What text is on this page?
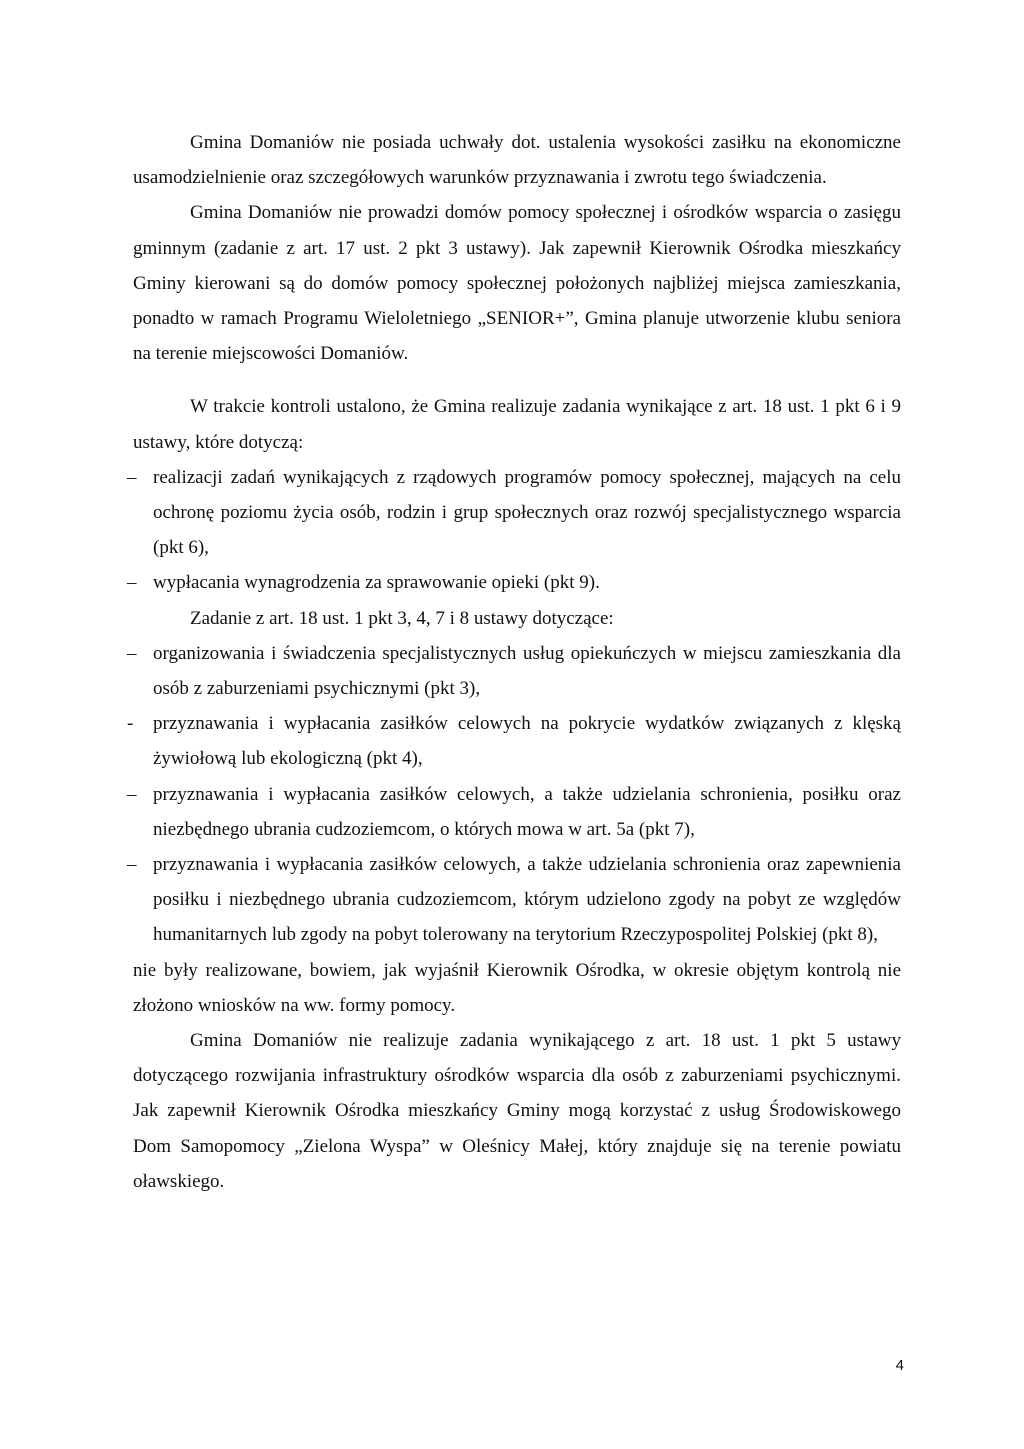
Gmina Domaniów nie posiada uchwały dot. ustalenia wysokości zasiłku na ekonomiczne usamodzielnienie oraz szczegółowych warunków przyznawania i zwrotu tego świadczenia.

Gmina Domaniów nie prowadzi domów pomocy społecznej i ośrodków wsparcia o zasięgu gminnym (zadanie z art. 17 ust. 2 pkt 3 ustawy). Jak zapewnił Kierownik Ośrodka mieszkańcy Gminy kierowani są do domów pomocy społecznej położonych najbliżej miejsca zamieszkania, ponadto w ramach Programu Wieloletniego „SENIOR+”, Gmina planuje utworzenie klubu seniora na terenie miejscowości Domaniów.

W trakcie kontroli ustalono, że Gmina realizuje zadania wynikające z art. 18 ust. 1 pkt 6 i 9 ustawy, które dotyczą:

– realizacji zadań wynikających z rządowych programów pomocy społecznej, mających na celu ochronę poziomu życia osób, rodzin i grup społecznych oraz rozwój specjalistycznego wsparcia (pkt 6),
– wypłacania wynagrodzenia za sprawowanie opieki (pkt 9).

Zadanie z art. 18 ust. 1 pkt 3, 4, 7 i 8 ustawy dotyczące:

– organizowania i świadczenia specjalistycznych usług opiekuńczych w miejscu zamieszkania dla osób z zaburzeniami psychicznymi (pkt 3),
-	przyznawania i wypłacania zasiłków celowych na pokrycie wydatków związanych z klęską żywiołową lub ekologiczną (pkt 4),
– przyznawania i wypłacania zasiłków celowych, a także udzielania schronienia, posiłku oraz niezbędnego ubrania cudzoziemcom, o których mowa w art. 5a (pkt 7),
– przyznawania i wypłacania zasiłków celowych, a także udzielania schronienia oraz zapewnienia posiłku i niezbędnego ubrania cudzoziemcom, którym udzielono zgody na pobyt ze względów humanitarnych lub zgody na pobyt tolerowany na terytorium Rzeczypospolitej Polskiej (pkt 8),

nie były realizowane, bowiem, jak wyjaśnił Kierownik Ośrodka, w okresie objętym kontrolą nie złożono wniosków na ww. formy pomocy.

Gmina Domaniów nie realizuje zadania wynikającego z art. 18 ust. 1 pkt 5 ustawy dotyczącego rozwijania infrastruktury ośrodków wsparcia dla osób z zaburzeniami psychicznymi. Jak zapewnił Kierownik Ośrodka mieszkańcy Gminy mogą korzystać z usług Środowiskowego Dom Samopomocy „Zielona Wyspa” w Oleśnicy Małej, który znajduje się na terenie powiatu oławskiego.

4
